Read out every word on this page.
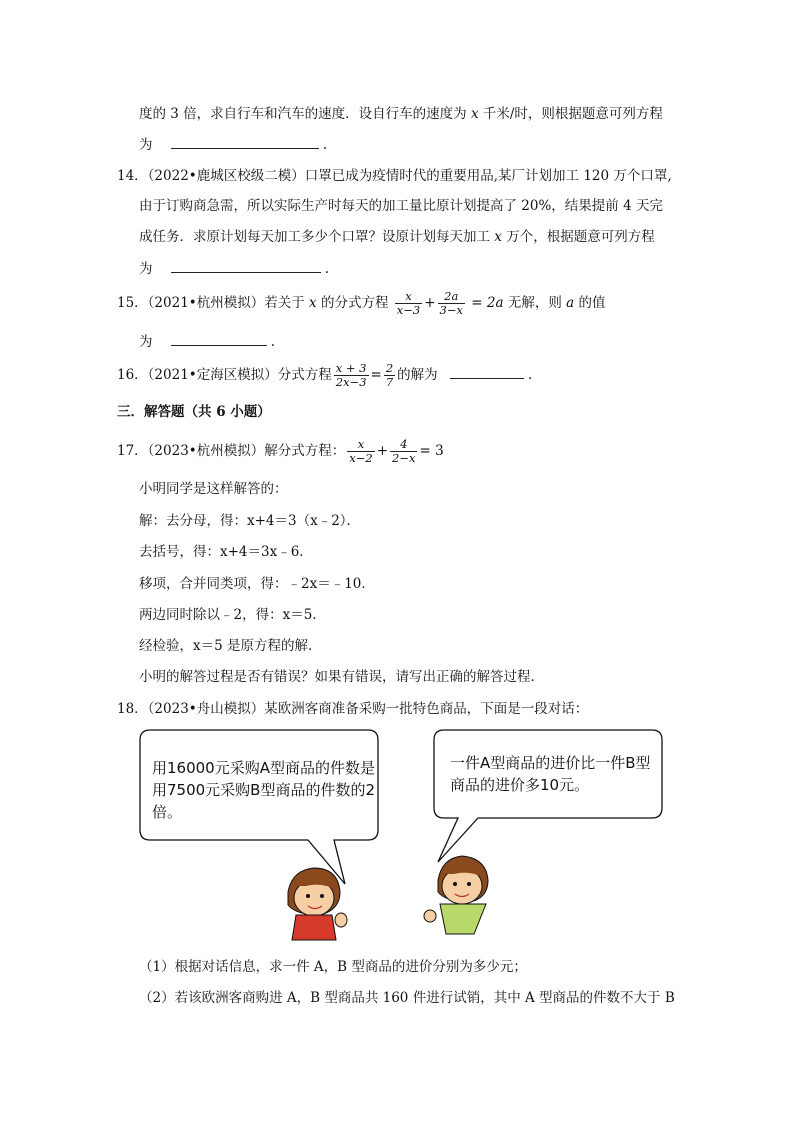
度的 3 倍，求自行车和汽车的速度．设自行车的速度为 x 千米/时，则根据题意可列方程
为	.
14．（2022•鹿城区校级二模）口罩已成为疫情时代的重要用品,某厂计划加工 120 万个口罩,
由于订购商急需，所以实际生产时每天的加工量比原计划提高了 20%，结果提前 4 天完
成任务．求原计划每天加工多少个口罩？设原计划每天加工 x 万个，根据题意可列方程
为	.
15．（2021•杭州模拟）若关于 x 的分式方程 $\frac{x}{x-3} + \frac{2a}{3-x} = 2a$ 无解，则 a 的值
为	.
16．（2021•定海区模拟）分式方程 $\frac{x + 3}{2x-3} = \frac{2}{7}$ 的解为	.
三．解答题（共 6 小题）
17．（2023•杭州模拟）解分式方程： $\frac{x}{x-2} + \frac{4}{2-x} = 3$
小明同学是这样解答的：
解：去分母，得：x+4＝3（x﹣2）．
去括号，得：x+4＝3x﹣6．
移项，合并同类项，得：﹣2x＝﹣10．
两边同时除以﹣2，得：x＝5．
经检验，x＝5 是原方程的解．
小明的解答过程是否有错误？如果有错误，请写出正确的解答过程．
18．（2023•舟山模拟）某欧洲客商准备采购一批特色商品，下面是一段对话：
用16000元采购A型商品的件数是
用7500元采购B型商品的件数的2
倍。
一件A型商品的进价比一件B型
商品的进价多10元。
（1）根据对话信息，求一件 A，B 型商品的进价分别为多少元；
（2）若该欧洲客商购进 A，B 型商品共 160 件进行试销，其中 A 型商品的件数不大于 B
